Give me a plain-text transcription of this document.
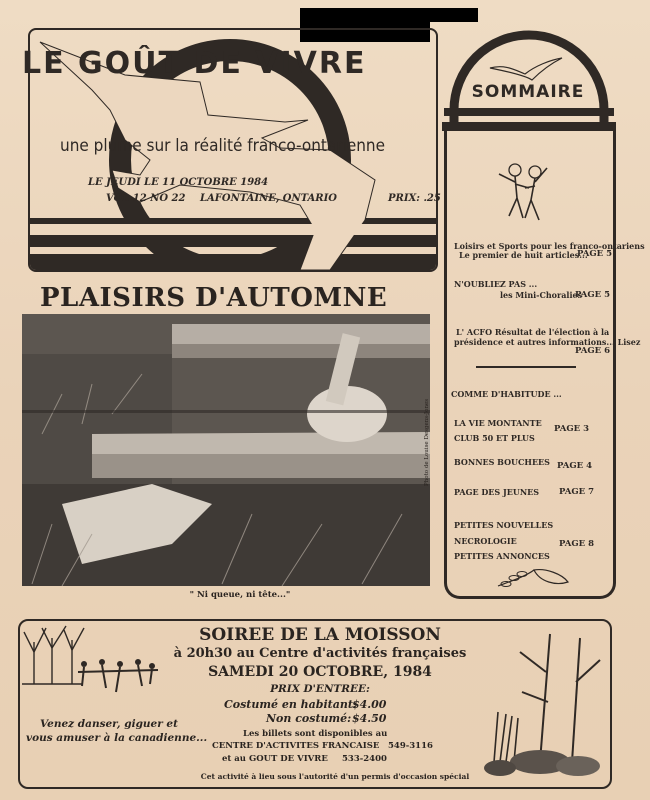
LE GOÛT DE VIVRE
une plume sur la réalité franco-ontarienne
LE JEUDI LE 11 OCTOBRE 1984
VOL 12 NO 22 LAFONTAINE, ONTARIO	PRIX: .25
SOMMAIRE
Loisirs et Sports pour les franco-ontariens
Le premier de huit articles...
PAGE 5
N'OUBLIEZ PAS ...
les Mini-Choralies
PAGE 5
L' ACFO Résultat de l'élection à la
présidence et autres informations... Lisez
PAGE 6
COMME D'HABITUDE ...
LA VIE MONTANTE
CLUB 50 ET PLUS
PAGE 3
BONNES BOUCHEES PAGE 4
PAGE DES JEUNES PAGE 7
PETITES NOUVELLES
NECROLOGIE
PETITES ANNONCES
PAGE 8
PLAISIRS D'AUTOMNE
Photo de Louise Desgens-Jones
" Ni queue, ni tête..."
SOIREE DE LA MOISSON
à 20h30 au Centre d'activités françaises
SAMEDI 20 OCTOBRE, 1984
PRIX D'ENTREE:
Costumé en habitant:
$4.00
Non costumé: $4.50
Les billets sont disponibles au
CENTRE D'ACTIVITES FRANCAISE 549-3116
et au GOUT DE VIVRE 533-2400
Venez danser, giguer et
vous amuser à la canadienne...
Cet activité à lieu sous l'autorité d'un permis d'occasion spécial
